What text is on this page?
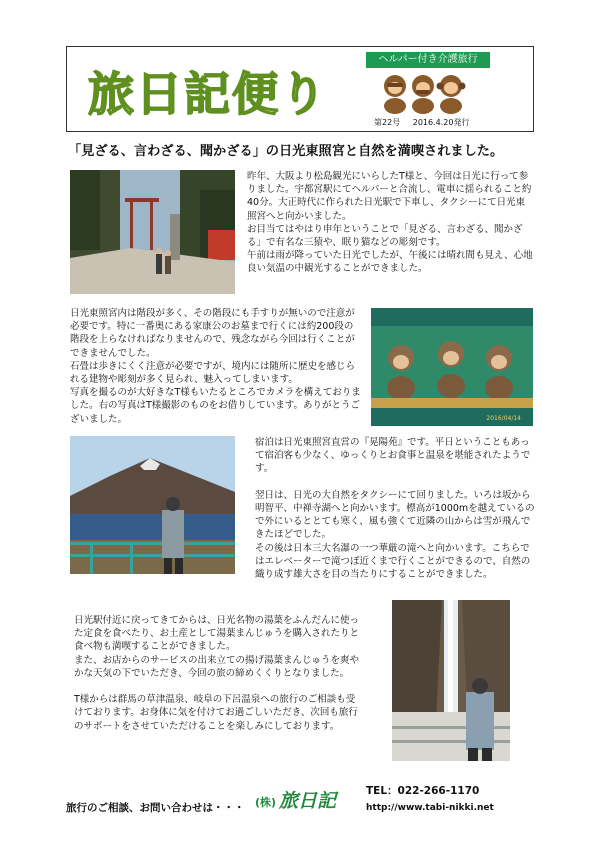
旅日記便り
ヘルパー付き介護旅行
第22号 2016.4.20発行
「見ざる、言わざる、聞かざる」の日光東照宮と自然を満喫されました。

昨年、大阪より松島観光にいらしたT様と、今回は日光に行って参りました。宇都宮駅にてヘルパーと合流し、電車に揺られること約40分。大正時代に作られた日光駅で下車し、タクシーにて日光東照宮へと向かいました。

お目当てはやはり申年ということで「見ざる、言わざる、聞かざる」で有名な三猿や、眠り猫などの彫刻です。

午前は雨が降っていた日光でしたが、午後には晴れ間も見え、心地良い気温の中観光することができました。

日光東照宮内は階段が多く、その階段にも手すりが無いので注意が必要です。特に一番奥にある家康公のお墓まで行くには約200段の階段を上らなければなりませんので、残念ながら今回は行くことができませんでした。

石畳は歩きにくく注意が必要ですが、境内には随所に歴史を感じられる建物や彫刻が多く見られ、魅入ってしまいます。

写真を撮るのが大好きなT様もいたるところでカメラを構えておりました。右の写真はT様撮影のものをお借りしています。ありがとうございました。	2016/04/14

宿泊は日光東照宮直営の『晃陽苑』です。平日ということもあって宿泊客も少なく、ゆっくりとお食事と温泉を堪能されたようです。

翌日は、日光の大自然をタクシーにて回りました。いろは坂から明智平、中禅寺湖へと向かいます。標高が1000mを越えているので外にいるととても寒く、風も強くて近隣の山からは雪が飛んできたほどでした。

その後は日本三大名瀑の一つ華厳の滝へと向かいます。こちらではエレベーターで滝つぼ近くまで行くことができるので、自然の織り成す雄大さを目の当たりにすることができました。

日光駅付近に戻ってきてからは、日光名物の湯葉をふんだんに使った定食を食べたり、お土産として湯葉まんじゅうを購入されたりと食べ物も満喫することができました。

また、お店からのサービスの出来立ての揚げ湯葉まんじゅうを爽やかな天気の下でいただき、今回の旅の締めくくりとなりました。

T様からは群馬の草津温泉、岐阜の下呂温泉への旅行のご相談も受けております。お身体に気を付けてお過ごしいただき、次回も旅行のサポートをさせていただけることを楽しみにしております。

旅行のご相談、お問い合わせは・・・ (株) 旅日記	TEL：022-266-1170
http://www.tabi-nikki.net
